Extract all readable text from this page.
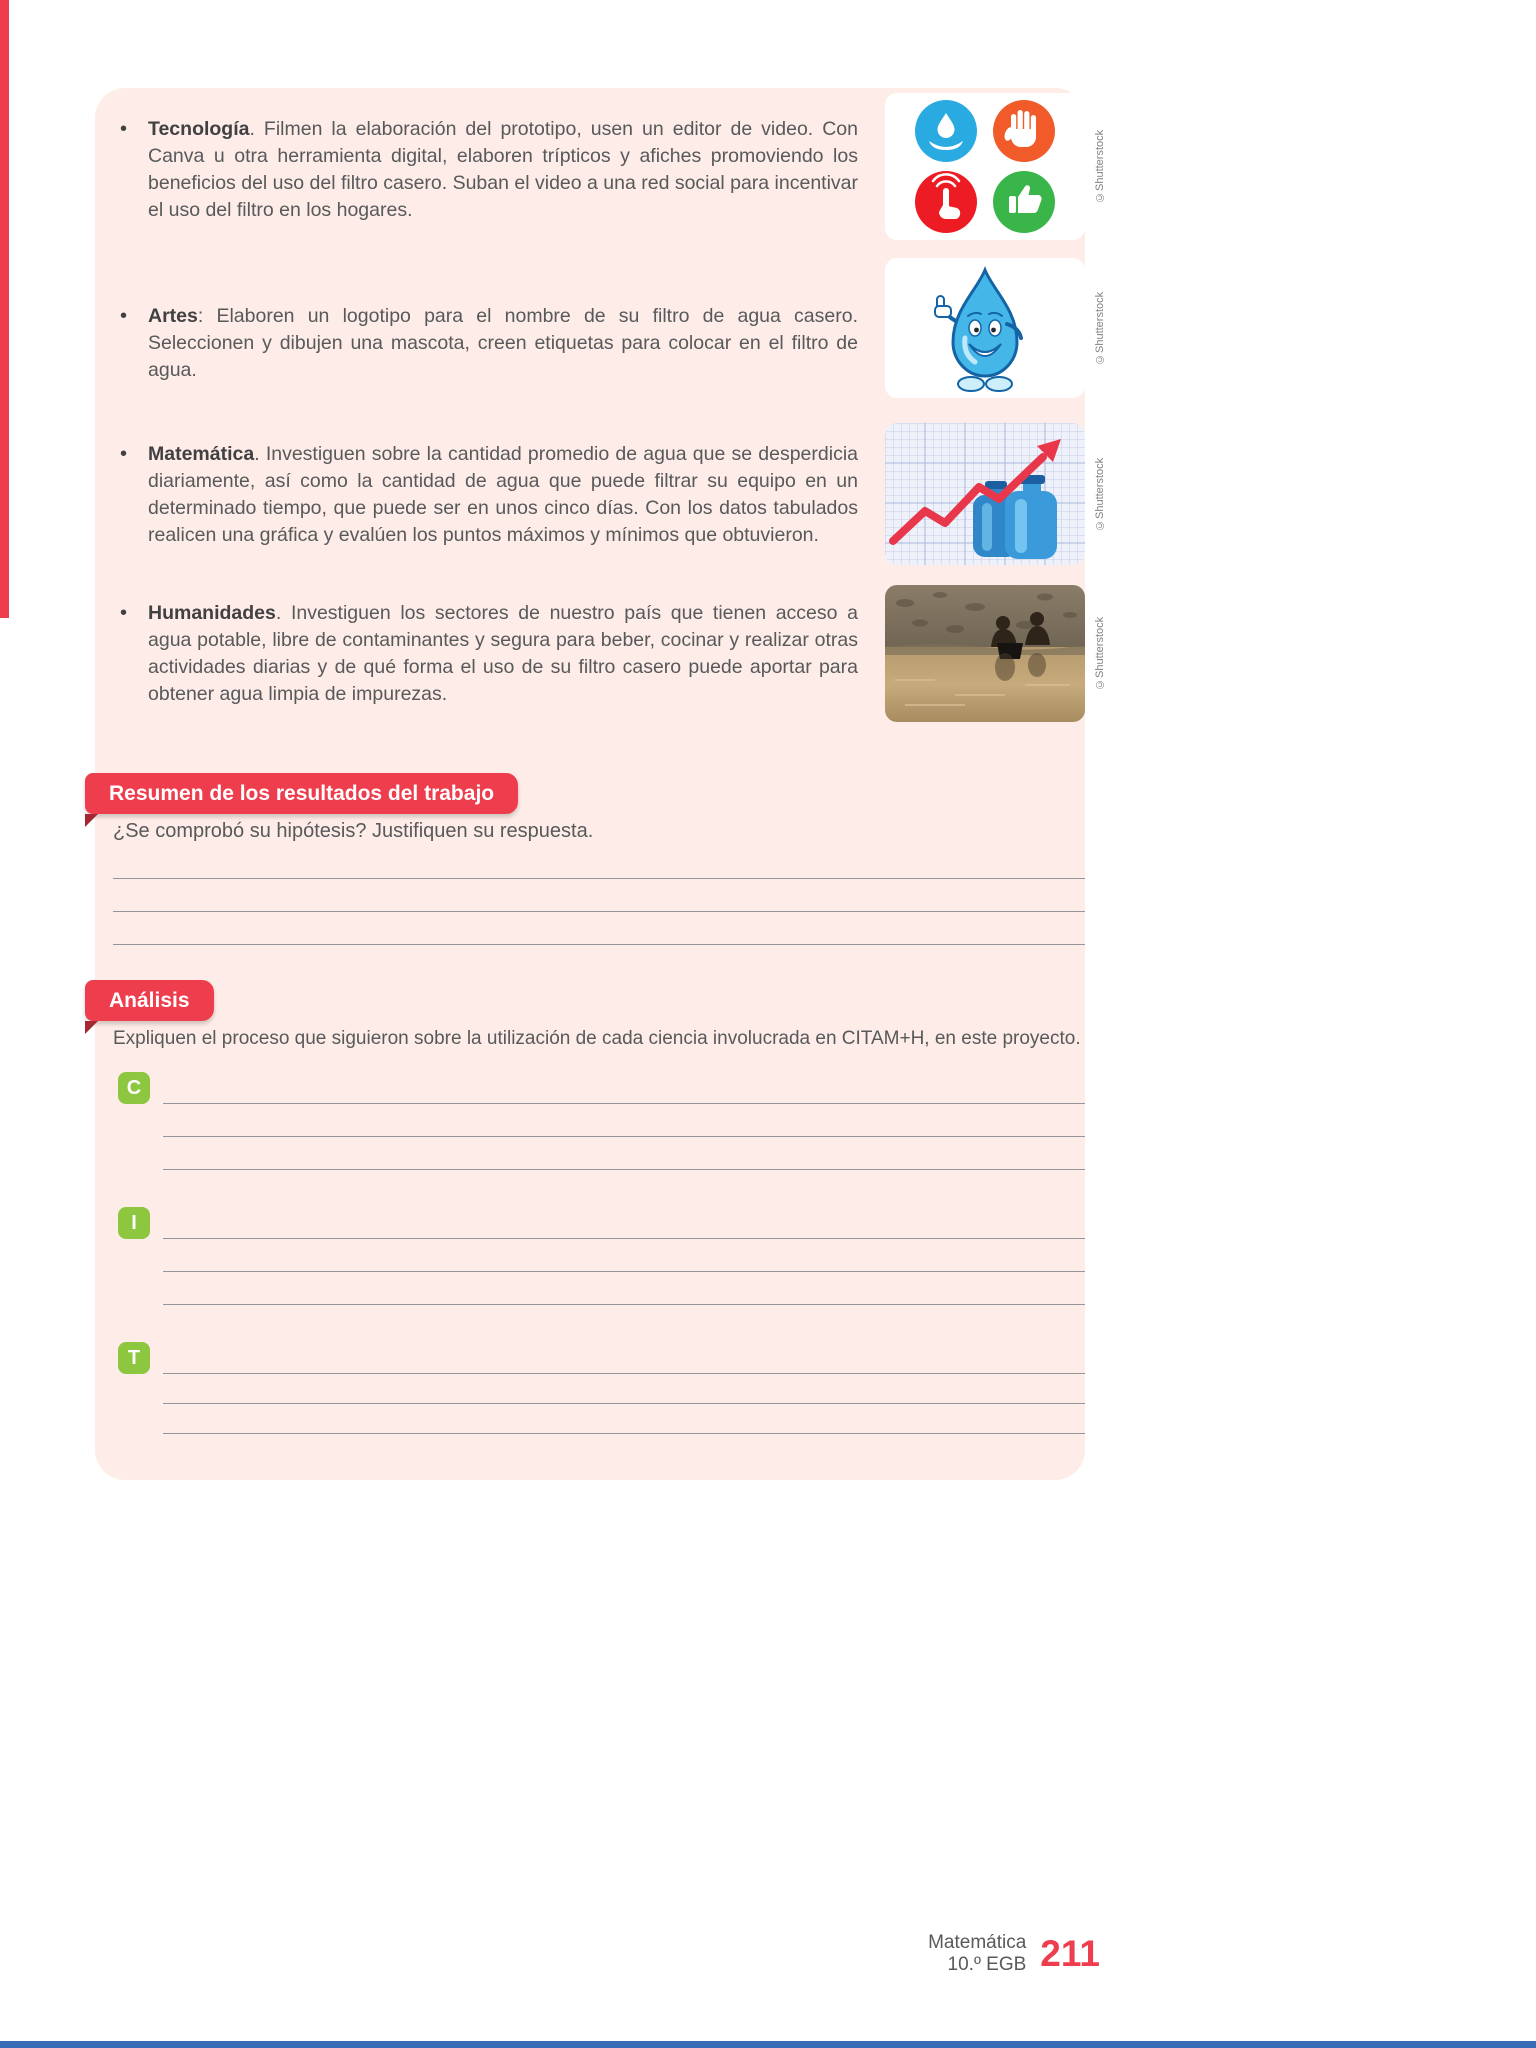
• Tecnología. Filmen la elaboración del prototipo, usen un editor de video. Con Canva u otra herramienta digital, elaboren trípticos y afiches promoviendo los beneficios del uso del filtro casero. Suban el video a una red social para incentivar el uso del filtro en los hogares.

• Artes: Elaboren un logotipo para el nombre de su filtro de agua casero. Seleccionen y dibujen una mascota, creen etiquetas para colocar en el filtro de agua.

• Matemática. Investiguen sobre la cantidad promedio de agua que se desperdicia diariamente, así como la cantidad de agua que puede filtrar su equipo en un determinado tiempo, que puede ser en unos cinco días. Con los datos tabulados realicen una gráfica y evalúen los puntos máximos y mínimos que obtuvieron.

• Humanidades. Investiguen los sectores de nuestro país que tienen acceso a agua potable, libre de contaminantes y segura para beber, cocinar y realizar otras actividades diarias y de qué forma el uso de su filtro casero puede aportar para obtener agua limpia de impurezas.

©Shutterstock
©Shutterstock
©Shutterstock
©Shutterstock
Resumen de los resultados del trabajo
¿Se comprobó su hipótesis? Justifiquen su respuesta.
Análisis
Expliquen el proceso que siguieron sobre la utilización de cada ciencia involucrada en CITAM+H, en este proyecto.
C
I
T
Matemática
10.º EGB 211
